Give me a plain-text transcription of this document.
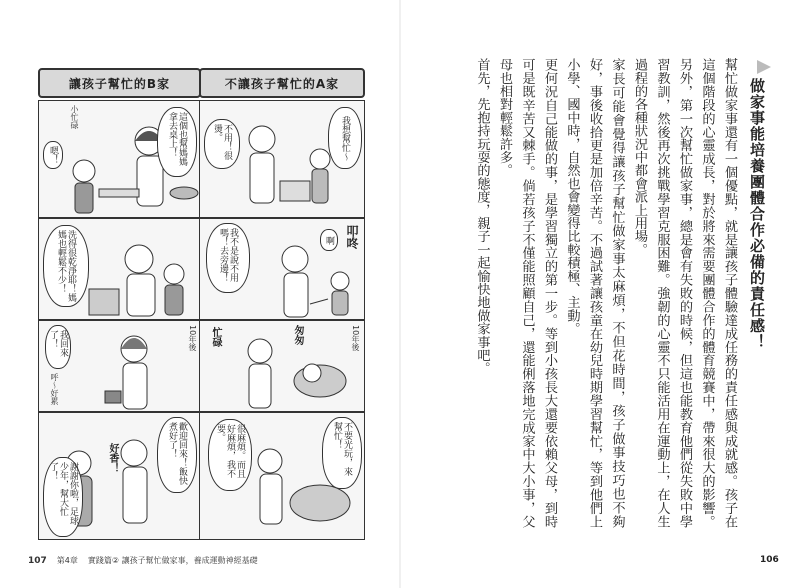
讓孩子幫忙的B家	不讓孩子幫忙的A家
這個也幫媽媽拿去桌上！
嗯！
小忙碌	我想幫忙～
不用！很燙。
洗得很乾淨耶！媽媽也輕鬆不少！	叩咚
啊
我不是說不用嗎！去旁邊！
10年後
我回來了！
呼～好累
10年後
忙碌	匆匆
歡迎回來！飯快煮好了！
好香！
謝謝你啦，足球少年，幫大忙了！	不要光玩，來幫忙！
很麻煩。而且好麻煩，我不要。
107 第4章 實踐篇② 讓孩子幫忙做家事，養成運動神經基礎
做家事能培養團體合作必備的責任感！

幫忙做家事還有一個優點，就是讓孩子體驗達成任務的責任感與成就感。孩子在這個階段的心靈成長，對於將來需要團體合作的體育競賽中，帶來很大的影響。另外，第一次幫忙做家事，總是會有失敗的時候，但這也能教育他們從失敗中學習教訓，然後再次挑戰學習克服困難。強韌的心靈不只能活用在運動上，在人生過程的各種狀況中都會派上用場。

家長可能會覺得讓孩子幫忙做家事太麻煩，不但花時間，孩子做事技巧也不夠好，事後收拾更是加倍辛苦。不過試著讓孩童在幼兒時期學習幫忙，等到他們上小學、國中時，自然也會變得比較積極、主動。

更何況自己能做的事，是學習獨立的第一步。等到小孩長大還要依賴父母，到時可是既辛苦又棘手。倘若孩子不僅能照顧自己，還能俐落地完成家中大小事，父母也相對輕鬆許多。

首先，先抱持玩耍的態度，親子一起愉快地做家事吧。

106
